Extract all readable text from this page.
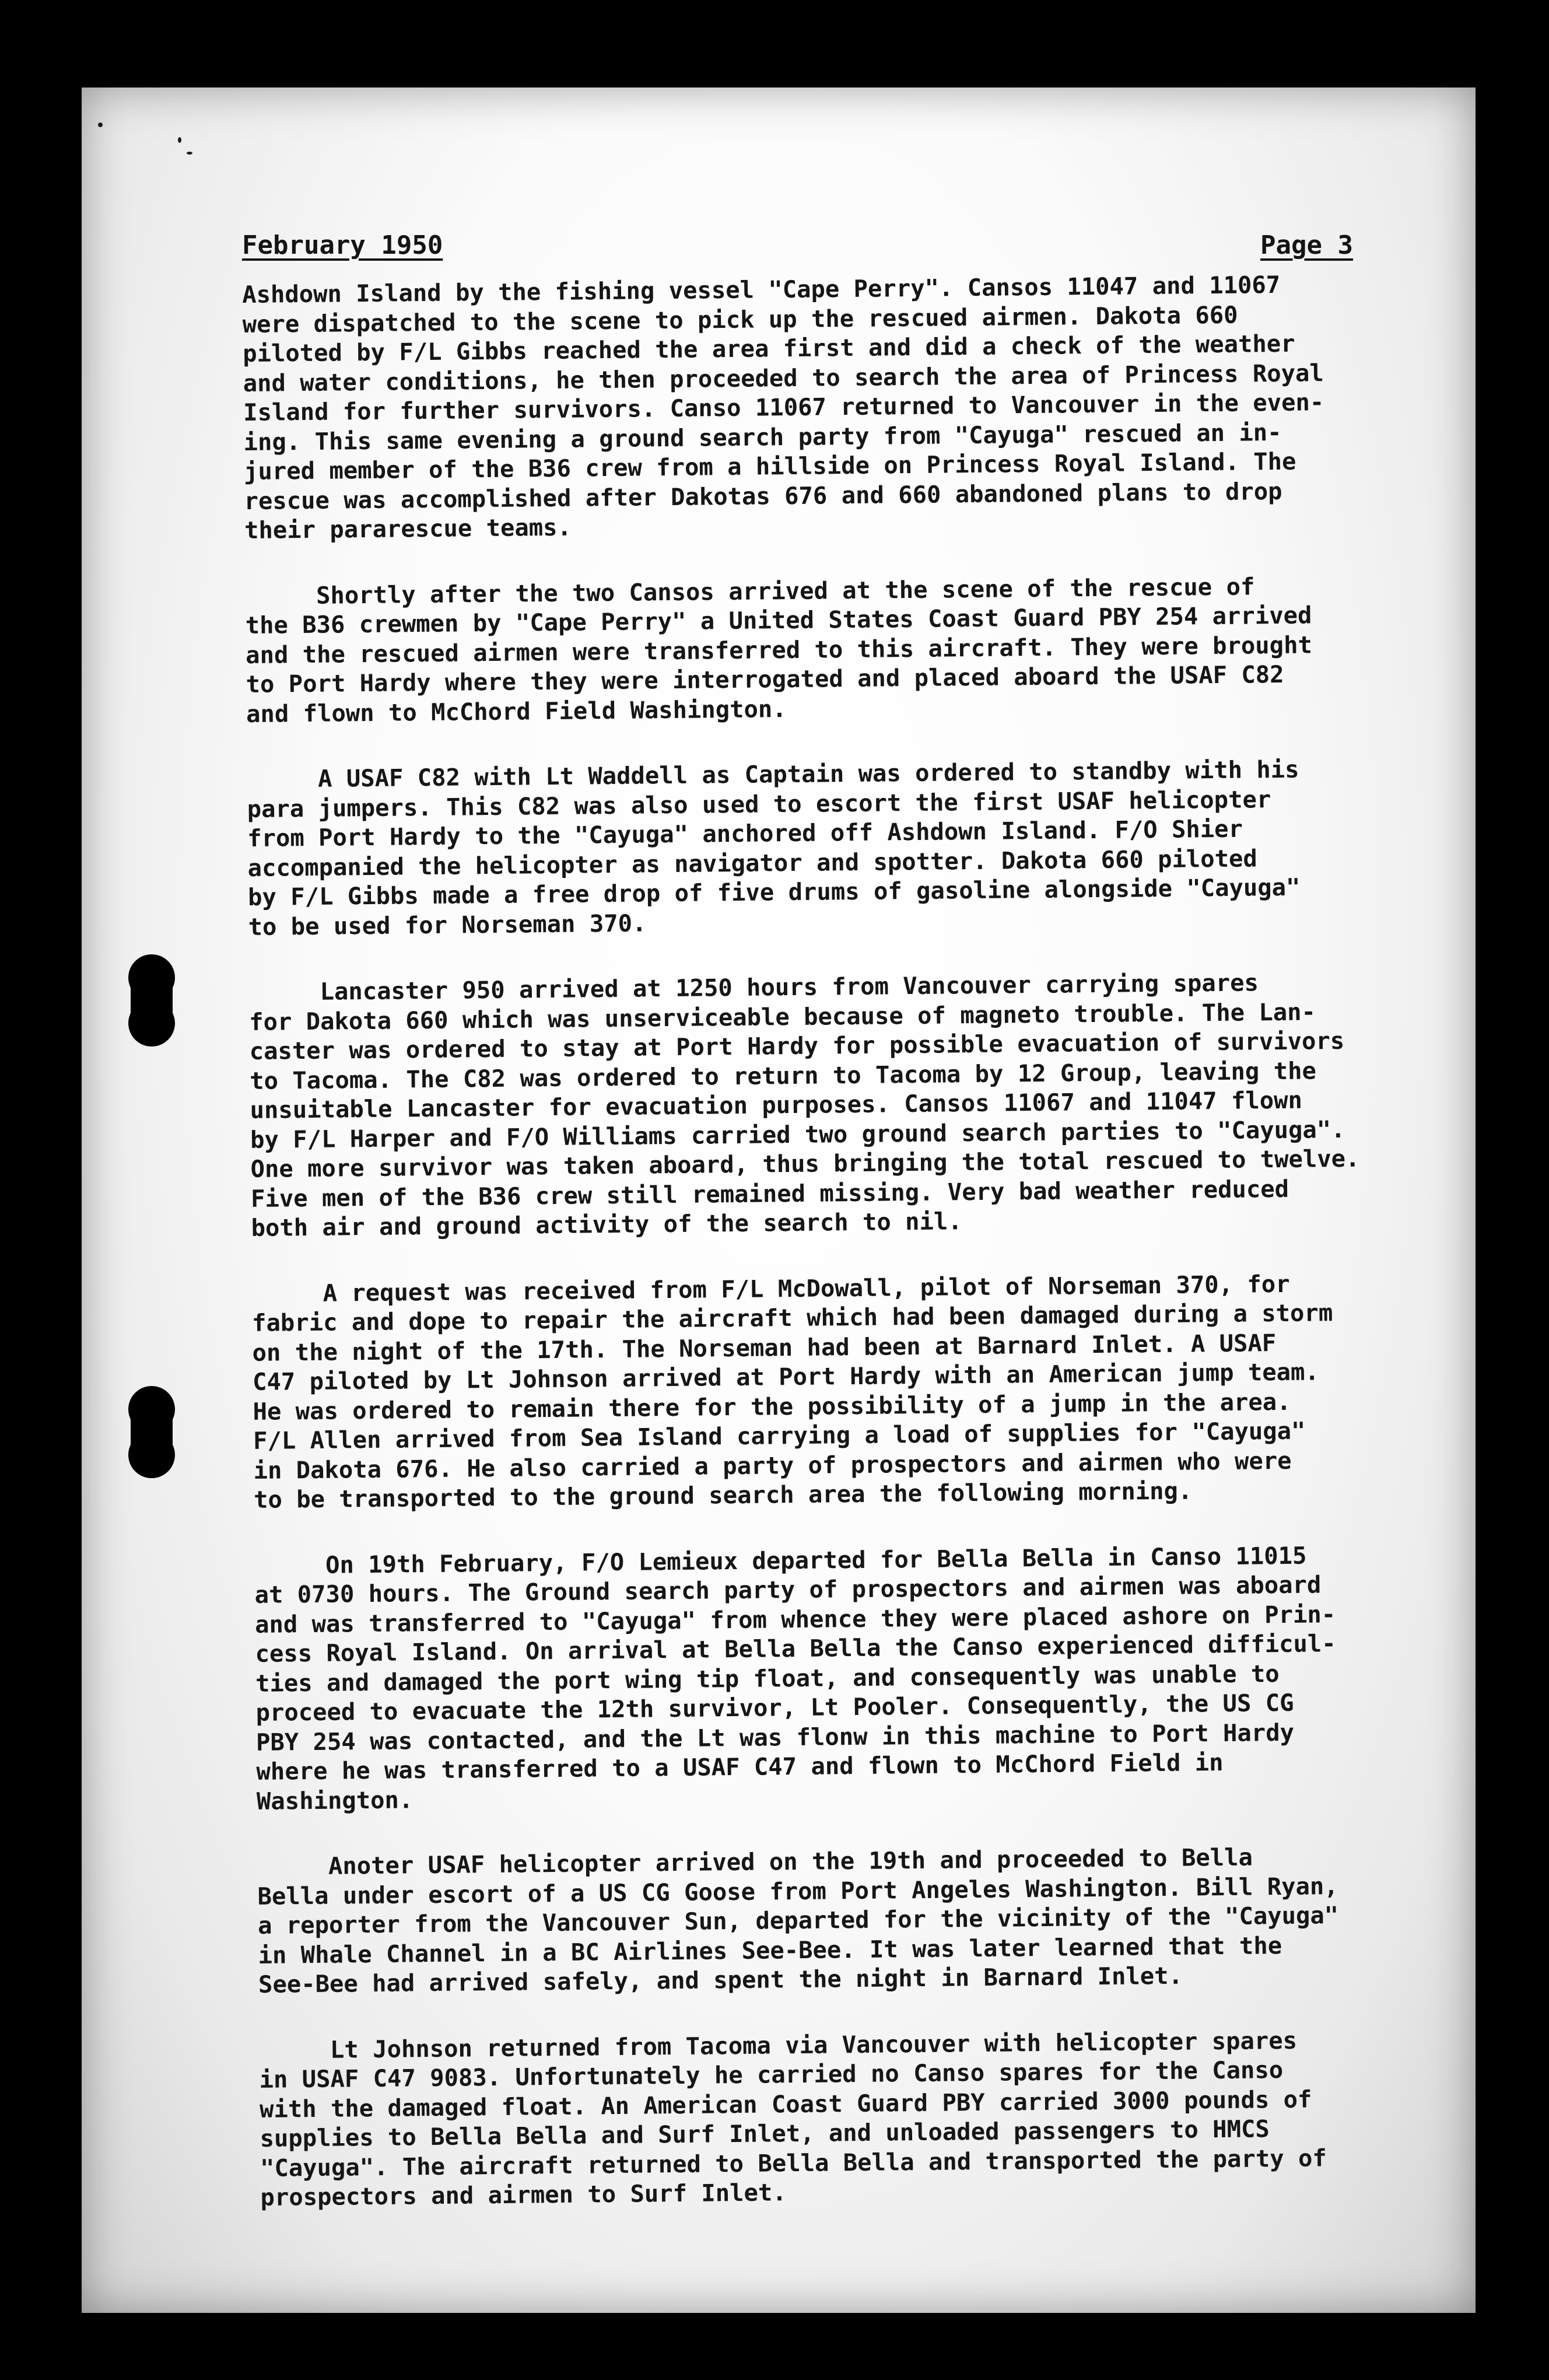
February 1950	Page 3
Ashdown Island by the fishing vessel "Cape Perry". Cansos 11047 and 11067
were dispatched to the scene to pick up the rescued airmen. Dakota 660
piloted by F/L Gibbs reached the area first and did a check of the weather
and water conditions, he then proceeded to search the area of Princess Royal
Island for further survivors. Canso 11067 returned to Vancouver in the even-
ing. This same evening a ground search party from "Cayuga" rescued an in-
jured member of the B36 crew from a hillside on Princess Royal Island. The
rescue was accomplished after Dakotas 676 and 660 abandoned plans to drop
their pararescue teams.
Shortly after the two Cansos arrived at the scene of the rescue of
the B36 crewmen by "Cape Perry" a United States Coast Guard PBY 254 arrived
and the rescued airmen were transferred to this aircraft. They were brought
to Port Hardy where they were interrogated and placed aboard the USAF C82
and flown to McChord Field Washington.
A USAF C82 with Lt Waddell as Captain was ordered to standby with his
para jumpers. This C82 was also used to escort the first USAF helicopter
from Port Hardy to the "Cayuga" anchored off Ashdown Island. F/O Shier
accompanied the helicopter as navigator and spotter. Dakota 660 piloted
by F/L Gibbs made a free drop of five drums of gasoline alongside "Cayuga"
to be used for Norseman 370.
Lancaster 950 arrived at 1250 hours from Vancouver carrying spares
for Dakota 660 which was unserviceable because of magneto trouble. The Lan-
caster was ordered to stay at Port Hardy for possible evacuation of survivors
to Tacoma. The C82 was ordered to return to Tacoma by 12 Group, leaving the
unsuitable Lancaster for evacuation purposes. Cansos 11067 and 11047 flown
by F/L Harper and F/O Williams carried two ground search parties to "Cayuga".
One more survivor was taken aboard, thus bringing the total rescued to twelve.
Five men of the B36 crew still remained missing. Very bad weather reduced
both air and ground activity of the search to nil.
A request was received from F/L McDowall, pilot of Norseman 370, for
fabric and dope to repair the aircraft which had been damaged during a storm
on the night of the 17th. The Norseman had been at Barnard Inlet. A USAF
C47 piloted by Lt Johnson arrived at Port Hardy with an American jump team.
He was ordered to remain there for the possibility of a jump in the area.
F/L Allen arrived from Sea Island carrying a load of supplies for "Cayuga"
in Dakota 676. He also carried a party of prospectors and airmen who were
to be transported to the ground search area the following morning.
On 19th February, F/O Lemieux departed for Bella Bella in Canso 11015
at 0730 hours. The Ground search party of prospectors and airmen was aboard
and was transferred to "Cayuga" from whence they were placed ashore on Prin-
cess Royal Island. On arrival at Bella Bella the Canso experienced difficul-
ties and damaged the port wing tip float, and consequently was unable to
proceed to evacuate the 12th survivor, Lt Pooler. Consequently, the US CG
PBY 254 was contacted, and the Lt was flonw in this machine to Port Hardy
where he was transferred to a USAF C47 and flown to McChord Field in
Washington.
Anoter USAF helicopter arrived on the 19th and proceeded to Bella
Bella under escort of a US CG Goose from Port Angeles Washington. Bill Ryan,
a reporter from the Vancouver Sun, departed for the vicinity of the "Cayuga"
in Whale Channel in a BC Airlines See-Bee. It was later learned that the
See-Bee had arrived safely, and spent the night in Barnard Inlet.
Lt Johnson returned from Tacoma via Vancouver with helicopter spares
in USAF C47 9083. Unfortunately he carried no Canso spares for the Canso
with the damaged float. An American Coast Guard PBY carried 3000 pounds of
supplies to Bella Bella and Surf Inlet, and unloaded passengers to HMCS
"Cayuga". The aircraft returned to Bella Bella and transported the party of
prospectors and airmen to Surf Inlet.
